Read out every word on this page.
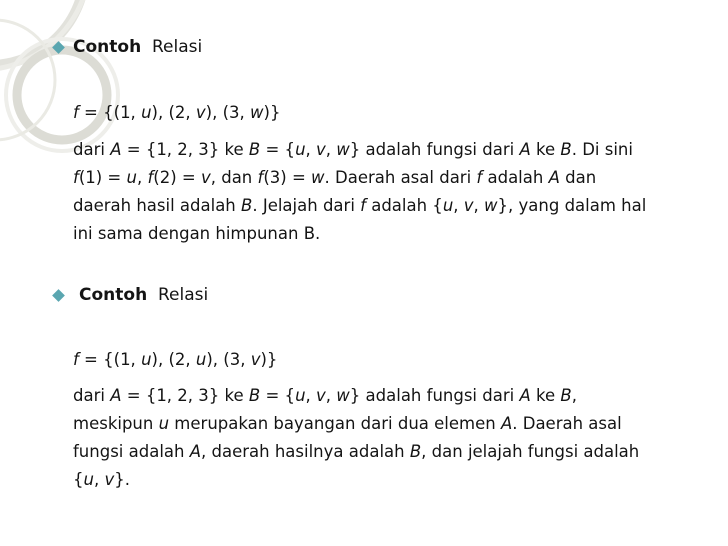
Contoh Relasi
f = {(1, u), (2, v), (3, w)}
dari A = {1, 2, 3} ke B = {u, v, w} adalah fungsi dari A ke B. Di sini
f(1) = u, f(2) = v, dan f(3) = w. Daerah asal dari f adalah A dan
daerah hasil adalah B. Jelajah dari f adalah {u, v, w}, yang dalam hal
ini sama dengan himpunan B.
Contoh Relasi
f = {(1, u), (2, u), (3, v)}
dari A = {1, 2, 3} ke B = {u, v, w} adalah fungsi dari A ke B,
meskipun u merupakan bayangan dari dua elemen A. Daerah asal
fungsi adalah A, daerah hasilnya adalah B, dan jelajah fungsi adalah
{u, v}.
